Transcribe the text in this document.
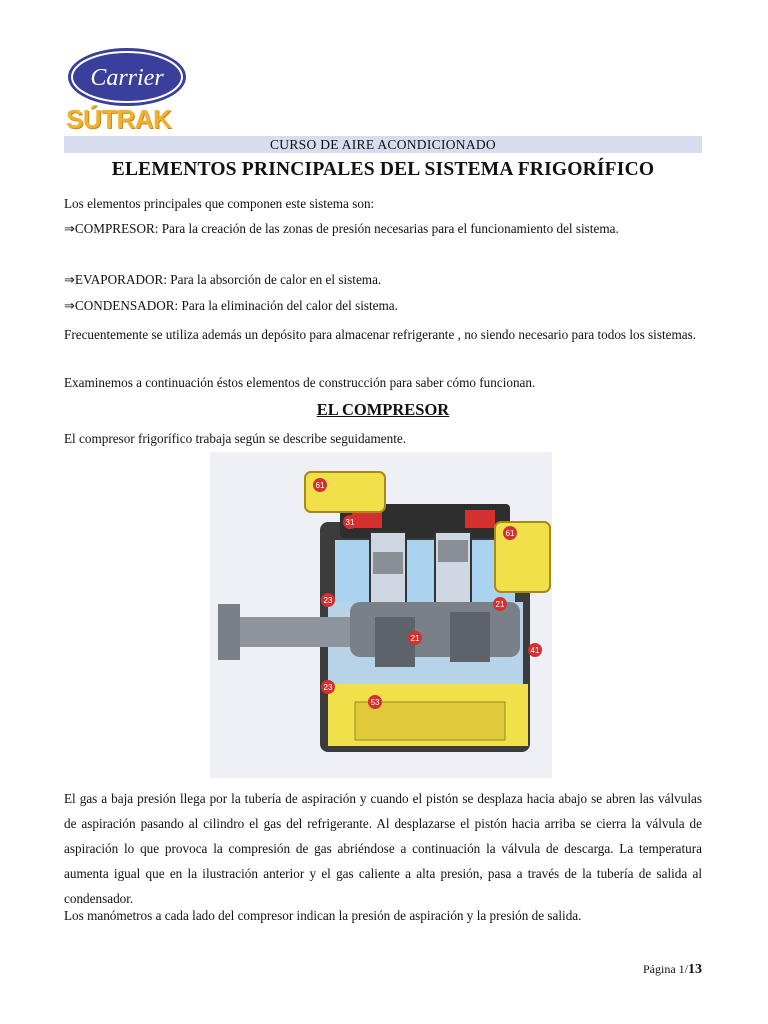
Carrier
SÚTRAK
CURSO DE AIRE ACONDICIONADO
ELEMENTOS PRINCIPALES DEL SISTEMA FRIGORÍFICO
Los elementos principales que componen este sistema son:
⇒COMPRESOR: Para la creación de las zonas de presión necesarias para el funcionamiento del sistema.
⇒EVAPORADOR: Para la absorción de calor en el sistema.
⇒CONDENSADOR: Para la eliminación del calor del sistema.
Frecuentemente se utiliza además un depósito para almacenar refrigerante , no siendo necesario para todos los sistemas.
Examinemos a continuación éstos elementos de construcción para saber cómo funcionan.
EL COMPRESOR
El compresor frigorífico trabaja según se describe seguidamente.
61
31
61
23
21
21
41
53
23
El gas a baja presión llega por la tubería de aspiración y cuando el pistón se desplaza hacia abajo se abren las válvulas de aspiración pasando al cilindro el gas del refrigerante. Al desplazarse el pistón hacia arriba se cierra la válvula de aspiración lo que provoca la compresión de gas abriéndose a continuación la válvula de descarga. La temperatura aumenta igual que en la ilustración anterior y el gas caliente a alta presión, pasa a través de la tubería de salida al condensador.
Los manómetros a cada lado del compresor indican la presión de aspiración y la presión de salida.
Página 1/13
